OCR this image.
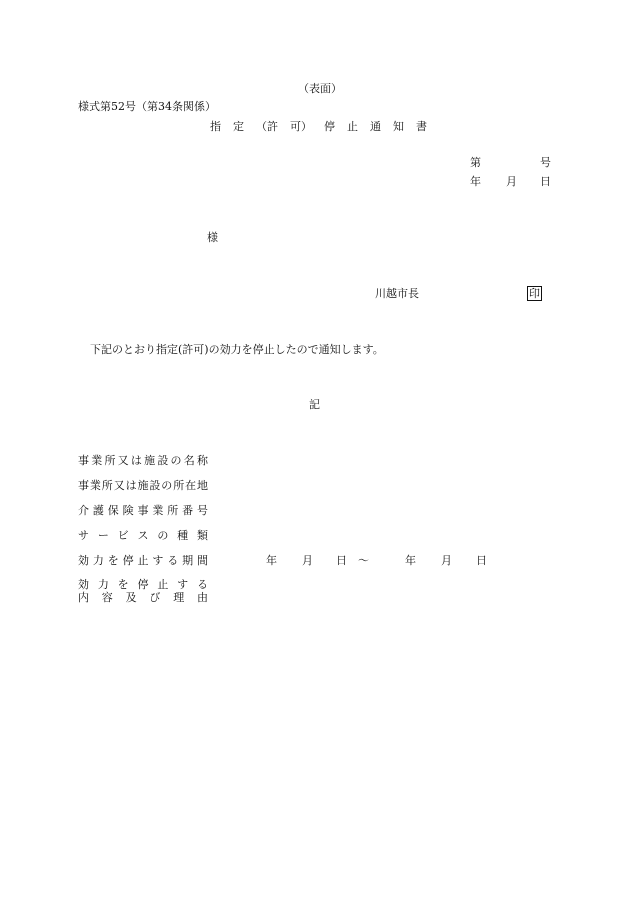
（表面）
様式第52号（第34条関係）
指 定 （許 可） 停 止 通 知 書
第	号
年 月 日
様
川越市長	印
下記のとおり指定(許可)の効力を停止したので通知します。
記
事業所又は施設の名称
事業所又は施設の所在地
介護保険事業所番号
サービスの種類
効力を停止する期間	年 月 日 ～	年 月 日
効力を停止する
内容及び理由
